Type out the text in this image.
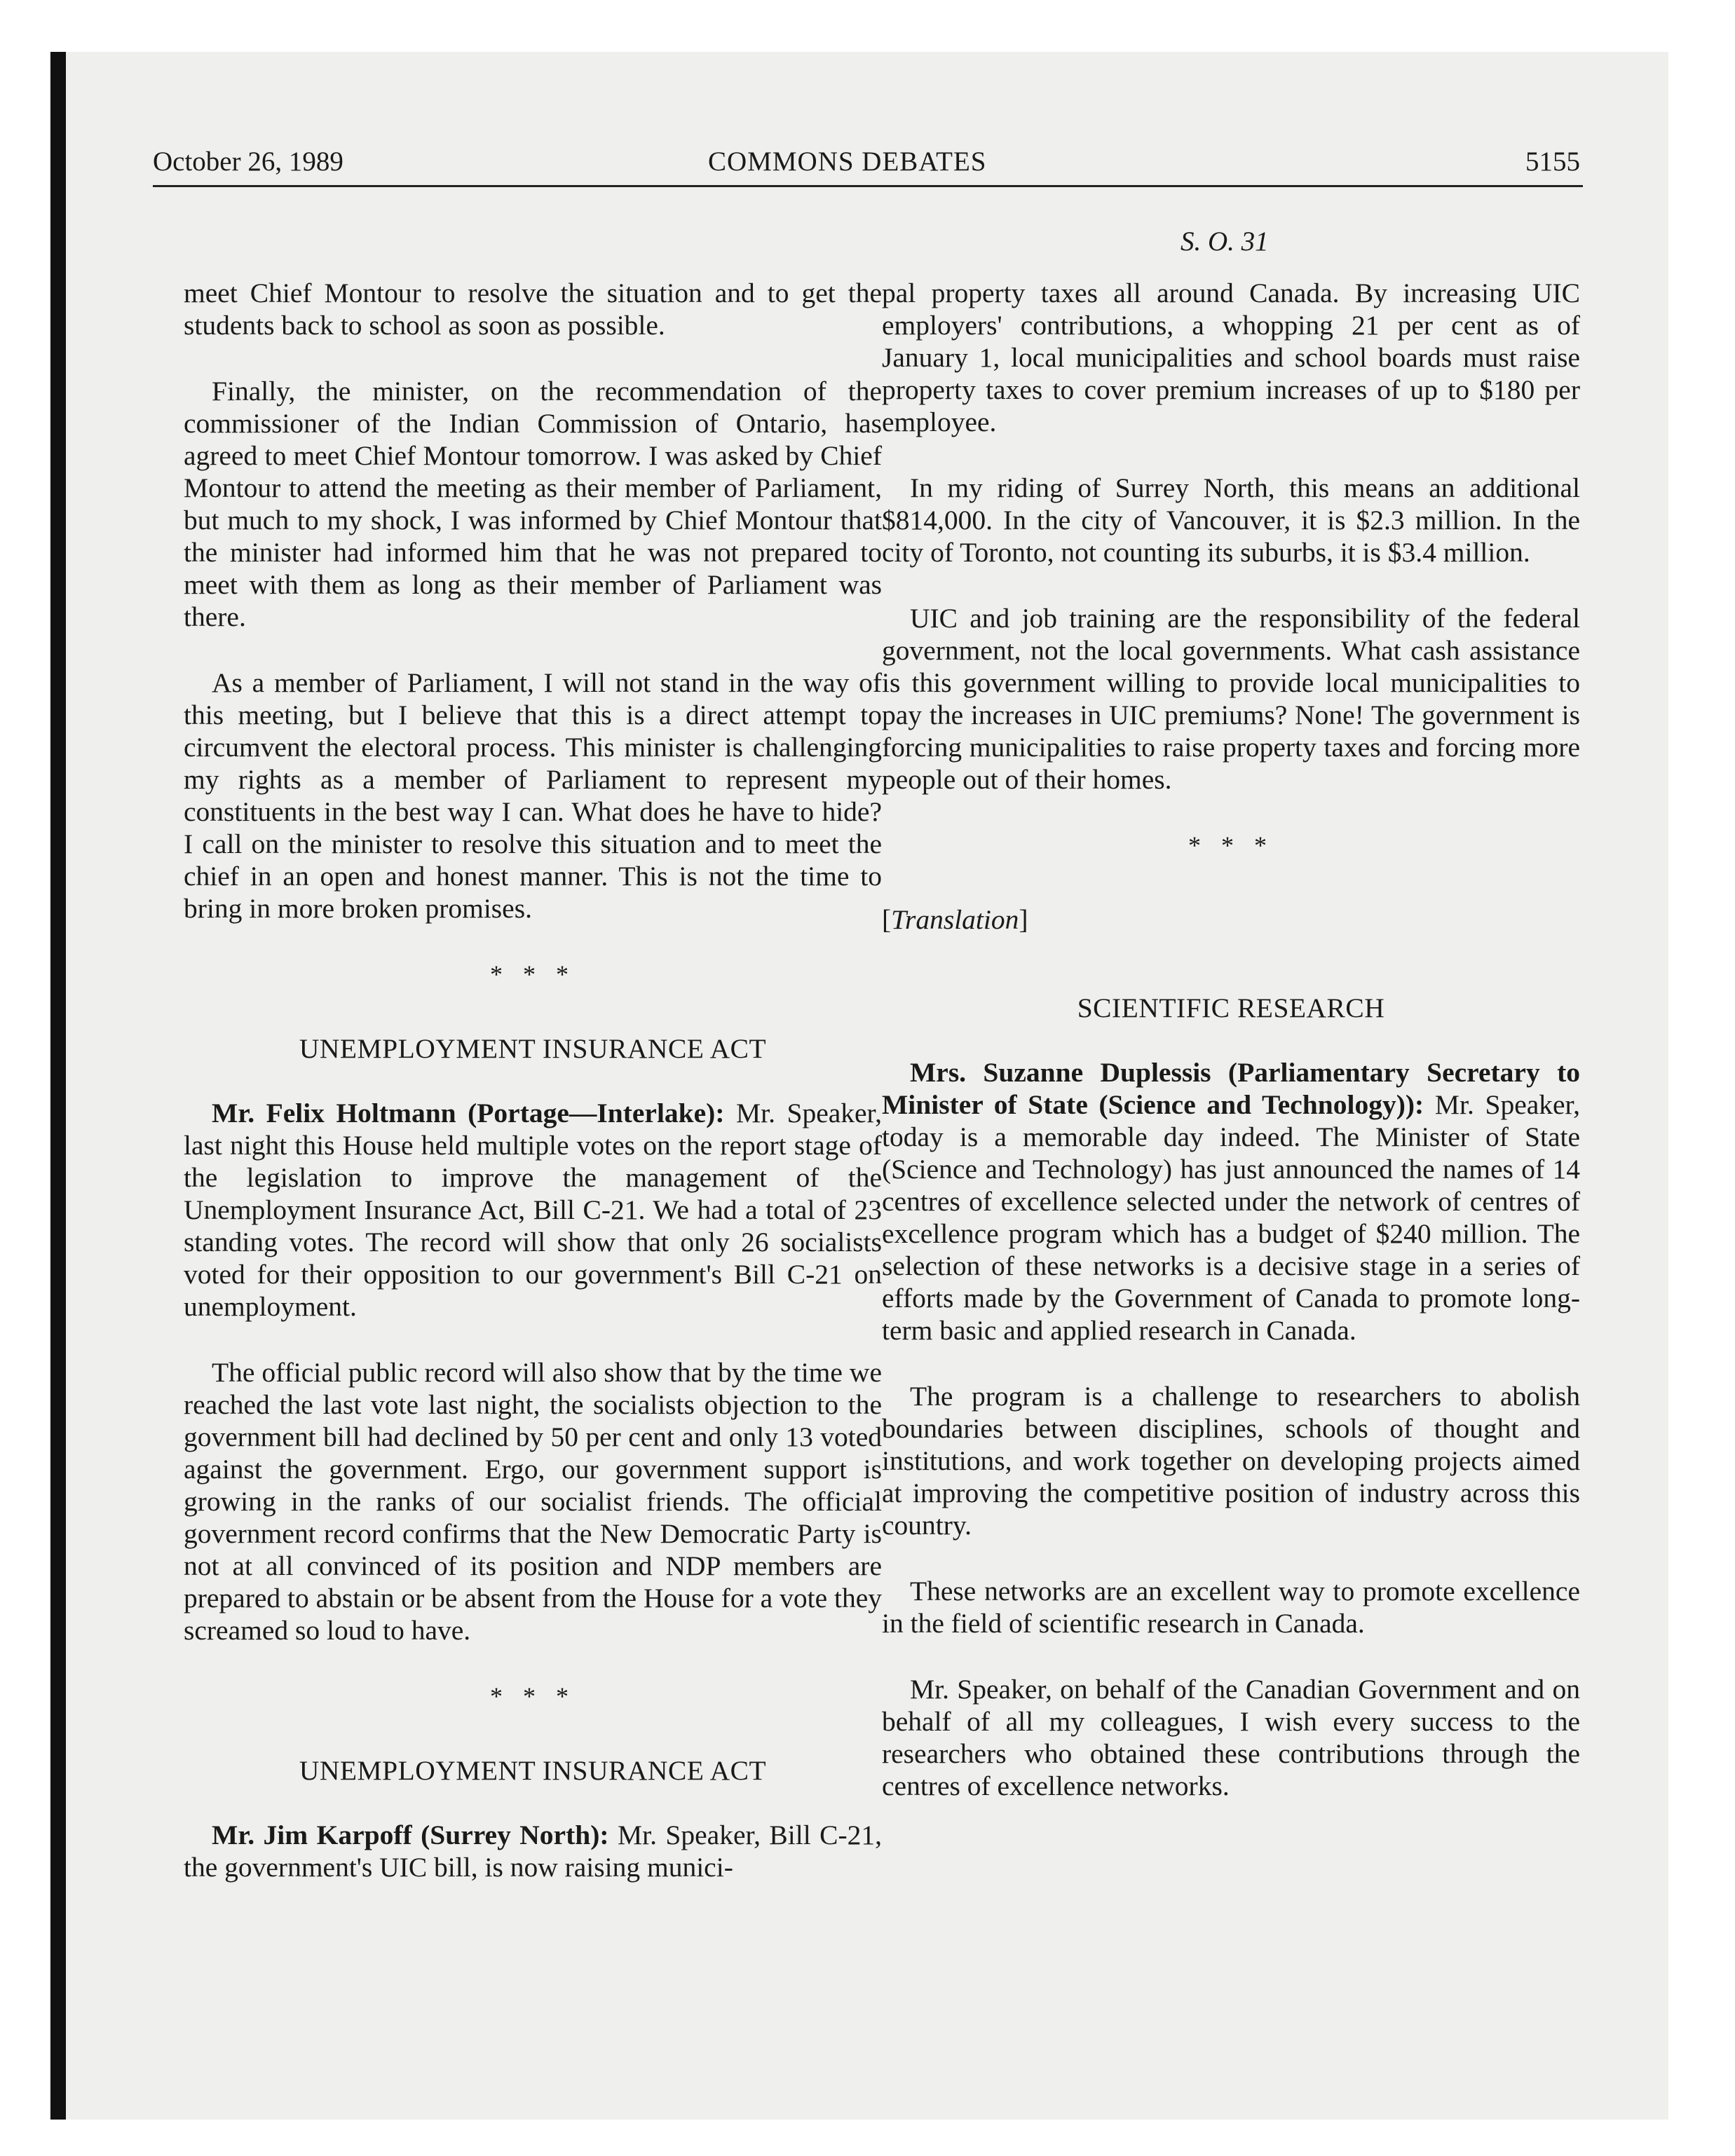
October 26, 1989	COMMONS DEBATES	5155
S. O. 31

meet Chief Montour to resolve the situation and to get the students back to school as soon as possible.

Finally, the minister, on the recommendation of the commissioner of the Indian Commission of Ontario, has agreed to meet Chief Montour tomorrow. I was asked by Chief Montour to attend the meeting as their member of Parliament, but much to my shock, I was informed by Chief Montour that the minister had informed him that he was not prepared to meet with them as long as their member of Parliament was there.

As a member of Parliament, I will not stand in the way of this meeting, but I believe that this is a direct attempt to circumvent the electoral process. This minister is challenging my rights as a member of Parliament to represent my constituents in the best way I can. What does he have to hide? I call on the minister to resolve this situation and to meet the chief in an open and honest manner. This is not the time to bring in more broken promises.

* * *
UNEMPLOYMENT INSURANCE ACT

Mr. Felix Holtmann (Portage—Interlake): Mr. Speaker, last night this House held multiple votes on the report stage of the legislation to improve the management of the Unemployment Insurance Act, Bill C-21. We had a total of 23 standing votes. The record will show that only 26 socialists voted for their opposition to our government's Bill C-21 on unemployment.

The official public record will also show that by the time we reached the last vote last night, the socialists objection to the government bill had declined by 50 per cent and only 13 voted against the government. Ergo, our government support is growing in the ranks of our socialist friends. The official government record confirms that the New Democratic Party is not at all convinced of its position and NDP members are prepared to abstain or be absent from the House for a vote they screamed so loud to have.

* * *
UNEMPLOYMENT INSURANCE ACT

Mr. Jim Karpoff (Surrey North): Mr. Speaker, Bill C-21, the government's UIC bill, is now raising munici-

pal property taxes all around Canada. By increasing UIC employers' contributions, a whopping 21 per cent as of January 1, local municipalities and school boards must raise property taxes to cover premium increases of up to $180 per employee.

In my riding of Surrey North, this means an additional $814,000. In the city of Vancouver, it is $2.3 million. In the city of Toronto, not counting its suburbs, it is $3.4 million.

UIC and job training are the responsibility of the federal government, not the local governments. What cash assistance is this government willing to provide local municipalities to pay the increases in UIC premiums? None! The government is forcing municipalities to raise property taxes and forcing more people out of their homes.

* * *

[Translation]

SCIENTIFIC RESEARCH

Mrs. Suzanne Duplessis (Parliamentary Secretary to Minister of State (Science and Technology)): Mr. Speaker, today is a memorable day indeed. The Minister of State (Science and Technology) has just announced the names of 14 centres of excellence selected under the network of centres of excellence program which has a budget of $240 million. The selection of these networks is a decisive stage in a series of efforts made by the Government of Canada to promote long-term basic and applied research in Canada.

The program is a challenge to researchers to abolish boundaries between disciplines, schools of thought and institutions, and work together on developing projects aimed at improving the competitive position of industry across this country.

These networks are an excellent way to promote excellence in the field of scientific research in Canada.

Mr. Speaker, on behalf of the Canadian Government and on behalf of all my colleagues, I wish every success to the researchers who obtained these contributions through the centres of excellence networks.
